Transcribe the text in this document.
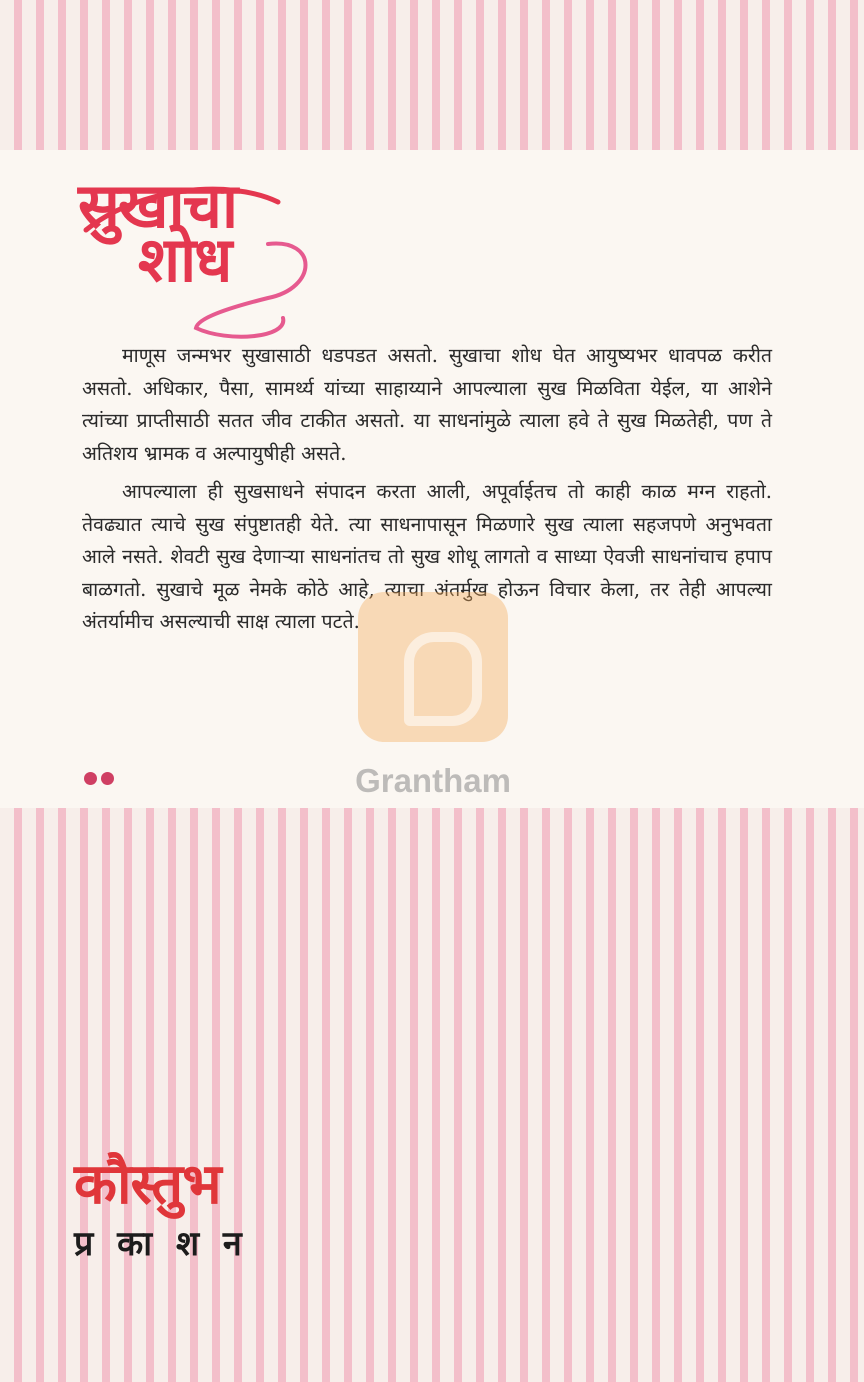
सुखाचा
शोध

माणूस जन्मभर सुखासाठी धडपडत असतो. सुखाचा शोध घेत आयुष्यभर धावपळ करीत असतो. अधिकार, पैसा, सामर्थ्य यांच्या साहाय्याने आपल्याला सुख मिळविता येईल, या आशेने त्यांच्या प्राप्तीसाठी सतत जीव टाकीत असतो. या साधनांमुळे त्याला हवे ते सुख मिळतेही, पण ते अतिशय भ्रामक व अल्पायुषीही असते.

आपल्याला ही सुखसाधने संपादन करता आली, अपूर्वाईतच तो काही काळ मग्न राहतो. तेवढ्यात त्याचे सुख संपुष्टातही येते. त्या साधनापासून मिळणारे सुख त्याला सहजपणे अनुभवता आले नसते. शेवटी सुख देणाऱ्या साधनांतच तो सुख शोधू लागतो व साध्या ऐवजी साधनांचाच हपाप बाळगतो. सुखाचे मूळ नेमके कोठे आहे, त्याचा अंतर्मुख होऊन विचार केला, तर तेही आपल्या अंतर्यामीच असल्याची साक्ष त्याला पटते.

Grantham
कौस्तुभ
प्र का श न
